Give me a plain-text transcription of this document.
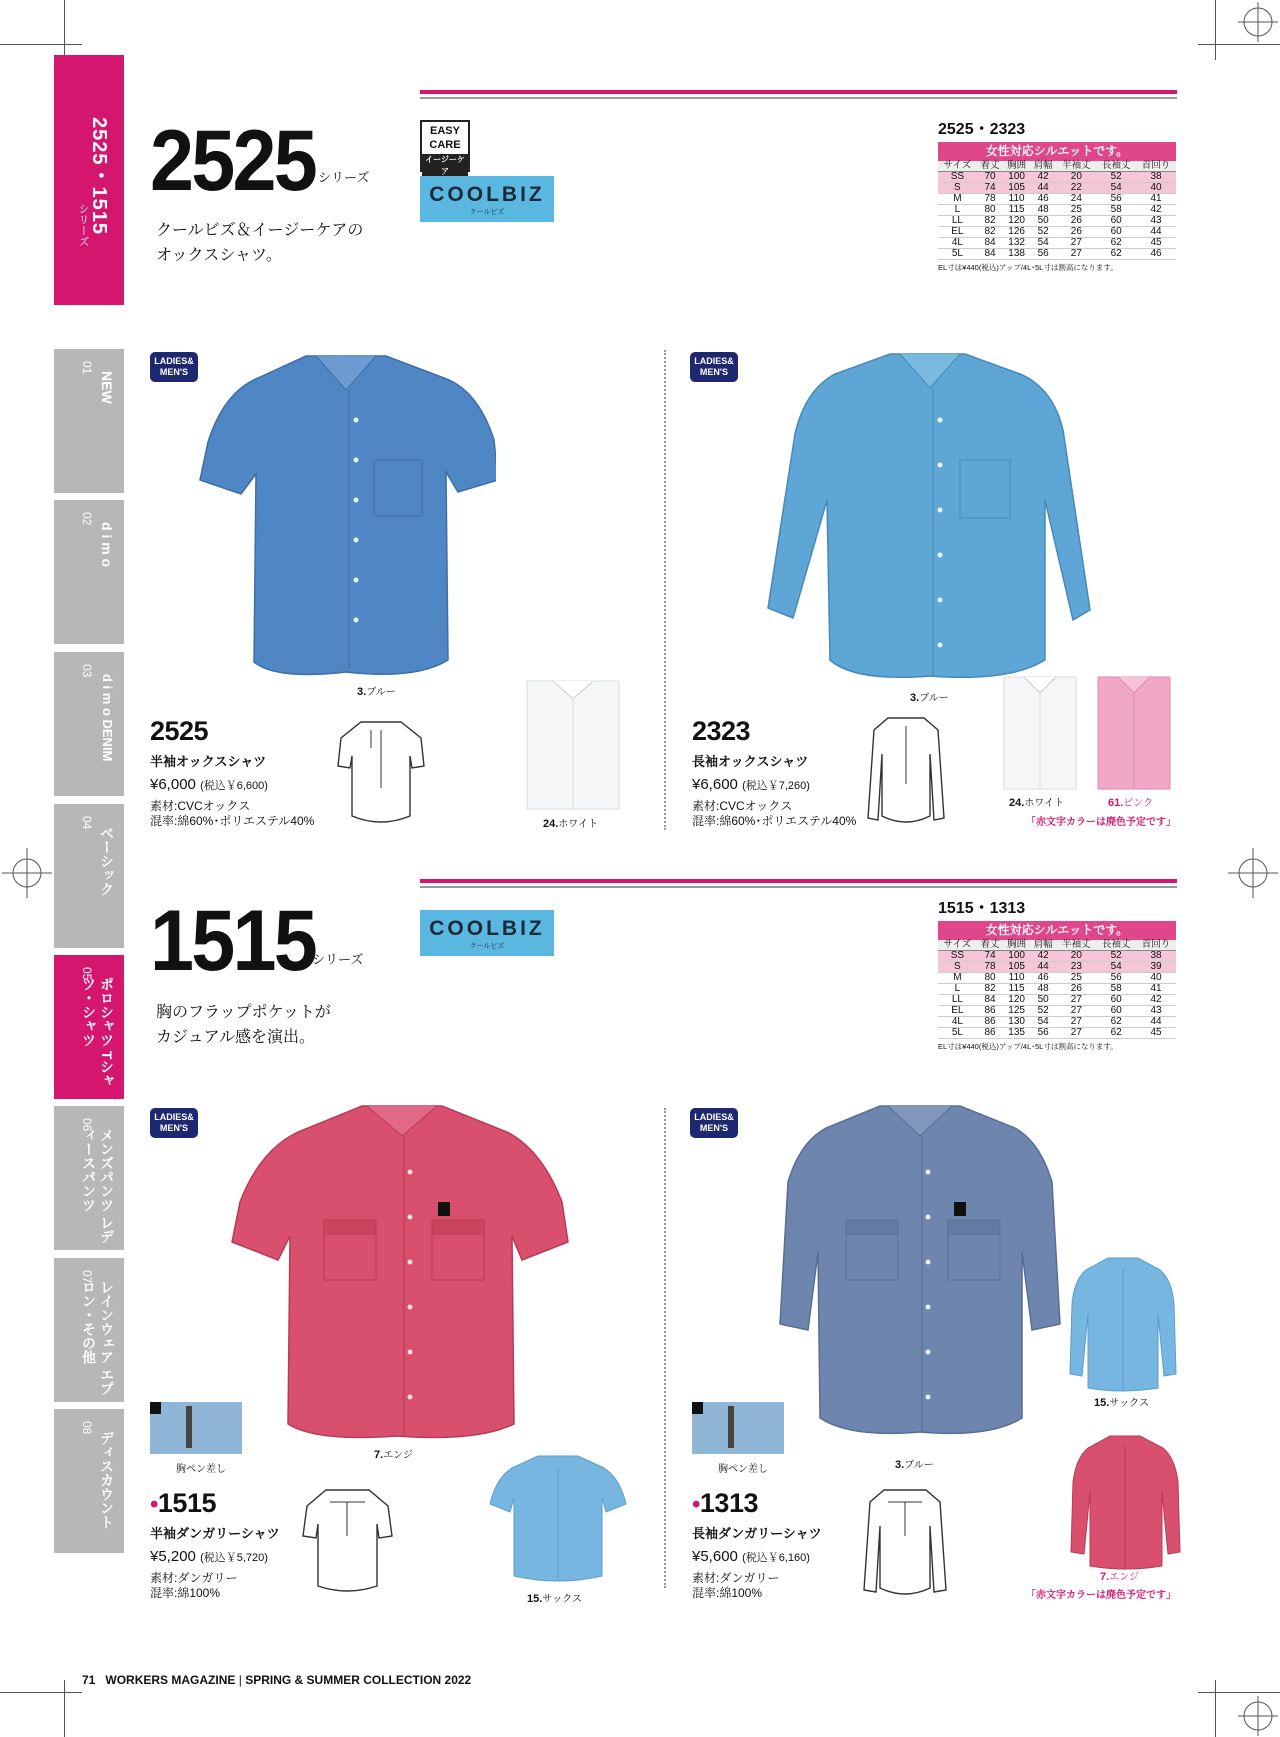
2525・1515
シリーズ
01
NEW
02
d i m o
03
d i m o DENIM
04
ベーシック
05
ポロシャツ Tシャツ・シャツ
06
メンズパンツ レディースパンツ
07
レインウェア エプロン・その他
08
ディスカウント
2525 シリーズ
クールビズ＆イージーケアの
オックスシャツ。
EASY
CARE
イージーケア
COOLBIZ
クールビズ
2525・2323
女性対応シルエットです。
サイズ	着丈	胸囲	肩幅	半袖丈	長袖丈	首回り
SS	70	100	42	20	52	38
S	74	105	44	22	54	40
M	78	110	46	24	56	41
L	80	115	48	25	58	42
LL	82	120	50	26	60	43
EL	82	126	52	26	60	44
4L	84	132	54	27	62	45
5L	84	138	56	27	62	46
EL寸は¥440(税込)アップ/4L･5L寸は割高になります。
LADIES&
MEN'S
3.ブルー
24.ホワイト
2525
半袖オックスシャツ
¥6,000 (税込￥6,600)
素材:CVCオックス
混率:綿60%･ポリエステル40%
LADIES&
MEN'S
3.ブルー
24.ホワイト	61.ピンク
「赤文字カラーは廃色予定です」
2323
長袖オックスシャツ
¥6,600 (税込￥7,260)
素材:CVCオックス
混率:綿60%･ポリエステル40%
1515
シリーズ
胸のフラップポケットが
カジュアル感を演出。
COOLBIZ
クールビズ
1515・1313
女性対応シルエットです。
サイズ	着丈	胸囲	肩幅	半袖丈	長袖丈	首回り
SS	74	100	42	20	52	38
S	78	105	44	23	54	39
M	80	110	46	25	56	40
L	82	115	48	26	58	41
LL	84	120	50	27	60	42
EL	86	125	52	27	60	43
4L	86	130	54	27	62	44
5L	86	135	56	27	62	45
EL寸は¥440(税込)アップ/4L･5L寸は割高になります。
LADIES&
MEN'S
胸ペン差し
7.エンジ
15.サックス
•1515
半袖ダンガリーシャツ
¥5,200 (税込￥5,720)
素材:ダンガリー
混率:綿100%
LADIES&
MEN'S
胸ペン差し	3.ブルー
15.サックス
7.エンジ
「赤文字カラーは廃色予定です」
•1313
長袖ダンガリーシャツ
¥5,600 (税込￥6,160)
素材:ダンガリー
混率:綿100%
71 WORKERS MAGAZINE | SPRING & SUMMER COLLECTION 2022
